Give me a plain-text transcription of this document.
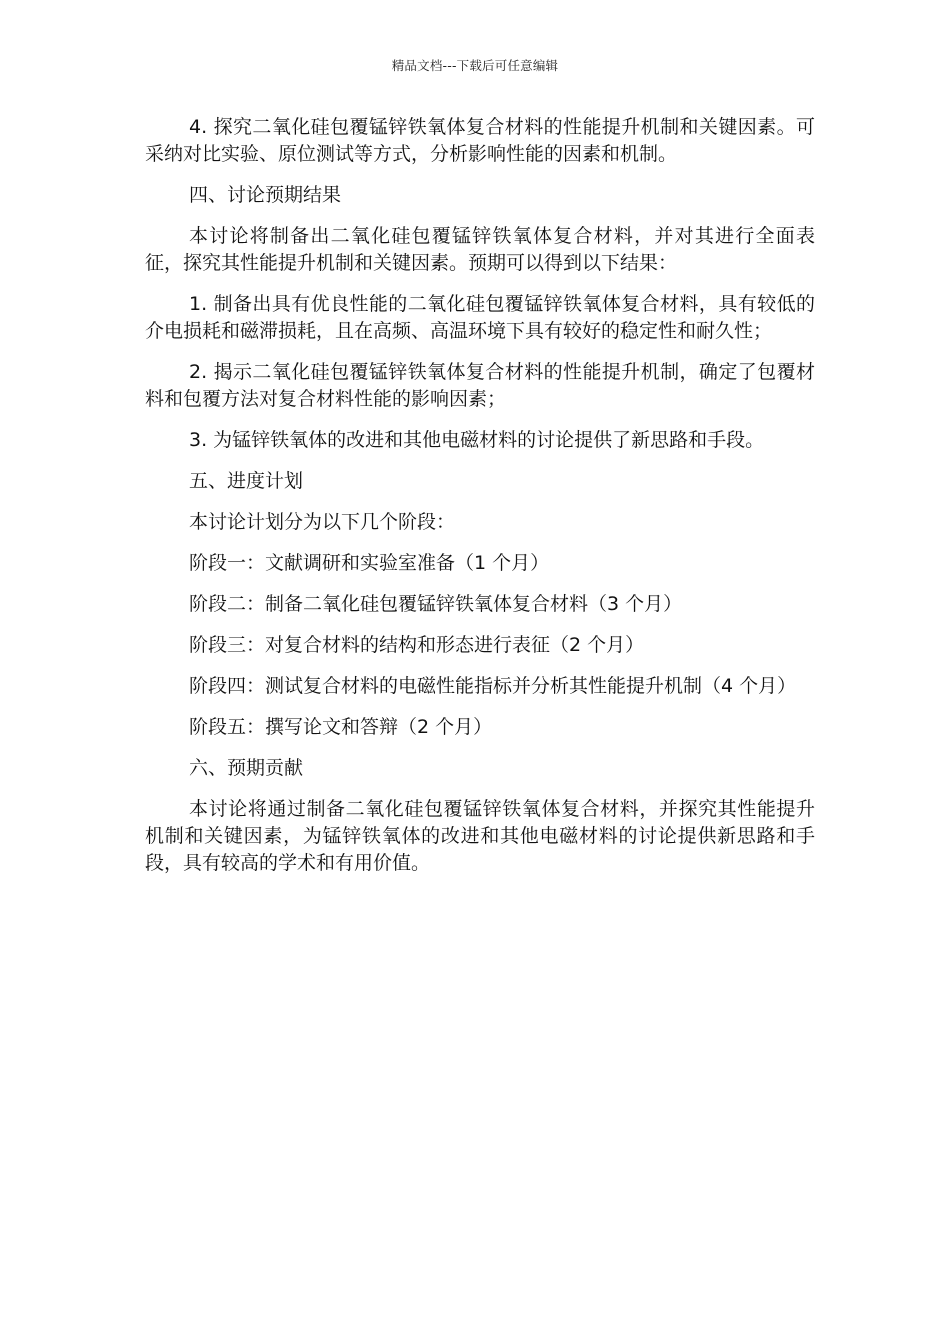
精品文档---下载后可任意编辑

4. 探究二氧化硅包覆锰锌铁氧体复合材料的性能提升机制和关键因素。可采纳对比实验、原位测试等方式，分析影响性能的因素和机制。

四、讨论预期结果

本讨论将制备出二氧化硅包覆锰锌铁氧体复合材料，并对其进行全面表征，探究其性能提升机制和关键因素。预期可以得到以下结果：

1. 制备出具有优良性能的二氧化硅包覆锰锌铁氧体复合材料，具有较低的介电损耗和磁滞损耗，且在高频、高温环境下具有较好的稳定性和耐久性；

2. 揭示二氧化硅包覆锰锌铁氧体复合材料的性能提升机制，确定了包覆材料和包覆方法对复合材料性能的影响因素；

3. 为锰锌铁氧体的改进和其他电磁材料的讨论提供了新思路和手段。

五、进度计划

本讨论计划分为以下几个阶段：

阶段一：文献调研和实验室准备（1 个月）

阶段二：制备二氧化硅包覆锰锌铁氧体复合材料（3 个月）

阶段三：对复合材料的结构和形态进行表征（2 个月）

阶段四：测试复合材料的电磁性能指标并分析其性能提升机制（4 个月）

阶段五：撰写论文和答辩（2 个月）

六、预期贡献

本讨论将通过制备二氧化硅包覆锰锌铁氧体复合材料，并探究其性能提升机制和关键因素，为锰锌铁氧体的改进和其他电磁材料的讨论提供新思路和手段，具有较高的学术和有用价值。
